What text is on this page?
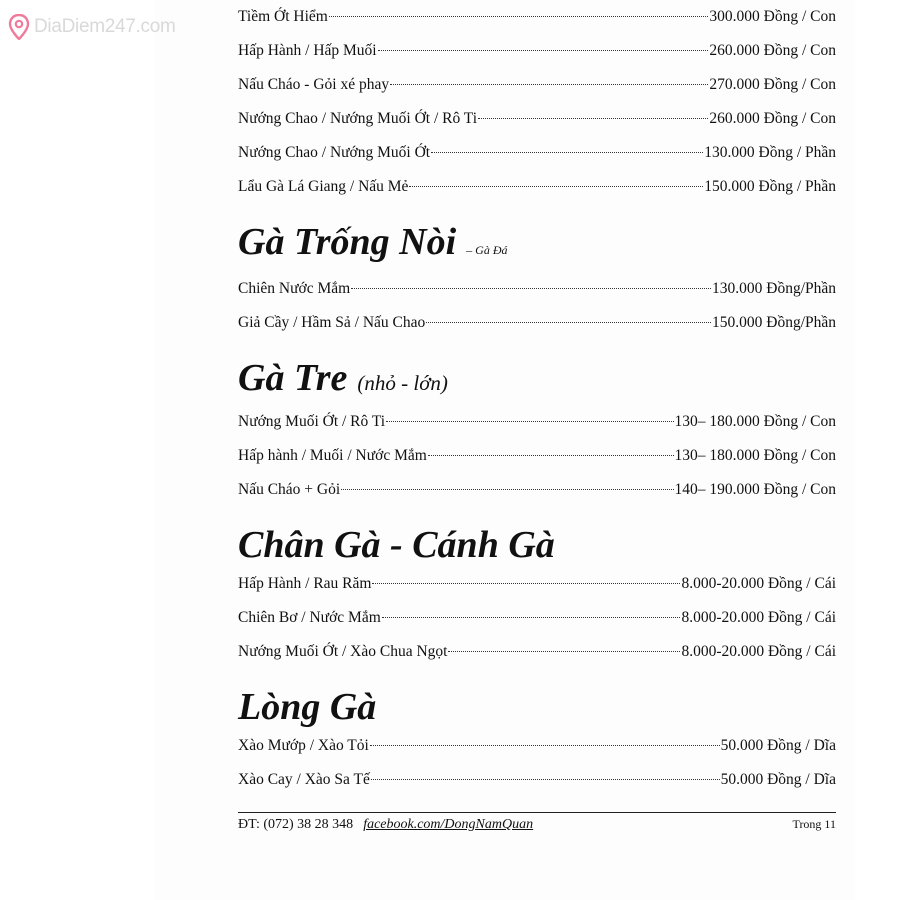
DiaDiem247.com	Tiềm Ớt Hiểm	300.000 Đồng / Con
Hấp Hành / Hấp Muối	260.000 Đồng / Con
Nấu Cháo - Gỏi xé phay	270.000 Đồng / Con
Nướng Chao / Nướng Muối Ớt / Rô Ti	260.000 Đồng / Con
Nướng Chao / Nướng Muối Ớt	130.000 Đồng / Phần
Lẩu Gà Lá Giang / Nấu Mẻ	150.000 Đồng / Phần
Gà Trống Nòi – Gà Đá
Chiên Nước Mắm	130.000 Đồng/Phần
Giả Cầy / Hầm Sả / Nấu Chao	150.000 Đồng/Phần
Gà Tre (nhỏ - lớn)
Nướng Muối Ớt / Rô Ti	130– 180.000 Đồng / Con
Hấp hành / Muối / Nước Mắm	130– 180.000 Đồng / Con
Nấu Cháo + Gỏi	140– 190.000 Đồng / Con
Chân Gà - Cánh Gà
Hấp Hành / Rau Răm	8.000-20.000 Đồng / Cái
Chiên Bơ / Nước Mắm	8.000-20.000 Đồng / Cái
Nướng Muối Ớt / Xào Chua Ngọt	8.000-20.000 Đồng / Cái
Lòng Gà
Xào Mướp / Xào Tỏi	50.000 Đồng / Dĩa
Xào Cay / Xào Sa Tế	50.000 Đồng / Dĩa
ĐT: (072) 38 28 348 facebook.com/DongNamQuan	Trong 11
